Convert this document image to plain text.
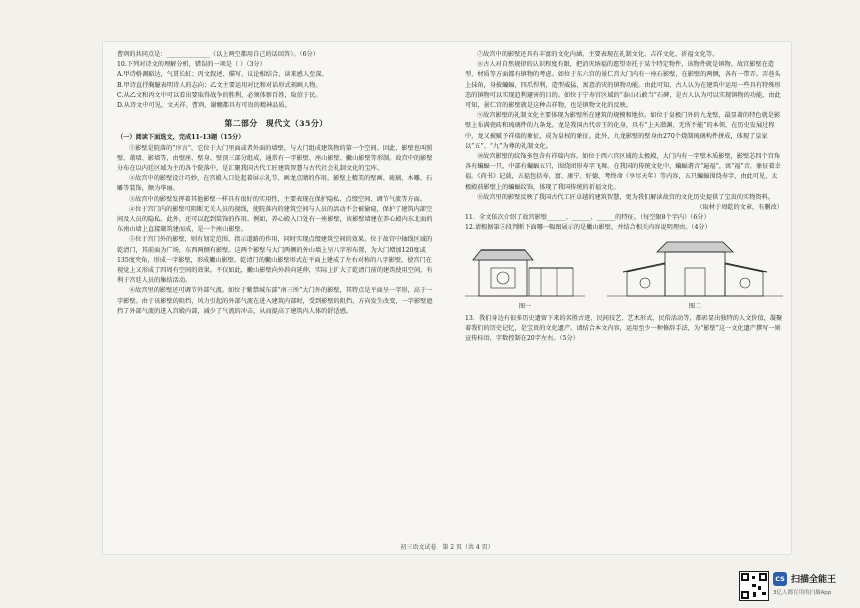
曹刿的共同点是：______________（以上两空都用自己的话回答）。（6分）

10.下列对诗文的理解分析，错误的一项是（ ）（3分）

A.甲诗格调豁达，气贯长虹；丙文叙述、描写、议论相结合，读来感人至深。

B.甲诗直抒胸臆表明诗人的志向；乙文主要运用对比和对话形式刻画人物。

C.从乙文和丙文中可以看出要取得战争的胜利，必须体察百姓，取信于民。

D.从诗文中可见，文天祥、曹刿、谢翱都具有可贵的精神品质。

第二部分　现代文（35分）

（一）阅读下面选文，完成11-13题（15分）

①影壁是院落的“序言”，它位于大门里面或者外面的墙壁，与大门组成建筑物的第一个空间。因此，影壁也叫照壁、萧墙、影墙等，由壁座、壁身、壁顶三部分组成，通常有一字影壁、座山影壁、撇山影壁等形制。故宫中的影壁分布在以内廷区域为主的各个院落中，是汇聚我国古代工匠建筑智慧与古代社会礼制文化的宝库。

②故宫中的影壁设计巧妙，在宫殿入口处起着屏示礼节、画龙点睛的作用。影壁上精美的壁画、琉璃、木雕、石雕等装饰，颇为华丽。

③故宫中的影壁发挥着其他影壁一样具有很好的实用性，主要表现在保护隐私、点缀空间、调节气流等方面。

④位于宫门内的影壁可阻断无关人员的视线，使院落内的建筑空间与人员的活动不会被偷窥，保护了建筑内部空间及人员的隐私。此外，还可以起到装饰的作用。例如，养心殿入口处有一座影壁，该影壁墙建在养心殿内东北面的东南山墙上直接砌筑建而成，是一个座山影壁。

⑤位于宫门外的影壁，则有划定范围、指示道路的作用，同时实现点缀建筑空间的效果。位于故宫中轴线区域的乾清门，其前面为广场，东西两侧有影壁。这两个影壁与大门两侧的外山墙上呈八字形布置，为大门增加120度或135度夹角，形成一字影壁，形成撇山影壁。乾清门的撇山影壁形式在平面上建成了左右对称的八字影壁，使宫门在视觉上又形成了四周有空间的效果。不仅如此，撇山影壁向外斜向延伸，实际上扩大了乾清门前的建筑使用空间，有利于宫廷人员的集结活动。

⑥故宫里的影壁还可调节外部气流。如位于紫禁城东部“南三所”大门外的影壁，其特点是平面呈一字形，高于一字影壁。由于该影壁的阻挡，风力引起的外部气流在进入建筑内部时，受到影壁的阻挡，方向发生改变，一字影壁遮挡了外部气流的进入宫殿内部，减少了气流的冲击，从而提高了建筑内人体的舒适感。

⑦故宫中的影壁还具有丰富的文化内涵，主要表现在礼制文化、吉祥文化、祈福文化等。

⑧古人对自然规律的认识程度有限，把消灾纳福的愿望寄托于某个特定物件，该物件就是镇物。故宫影壁在造型、材质等方面都有镇物的考虑。如位于东六宫的景仁宫大门内有一座石影壁，在影壁的两侧，各有一带弄。弄巷头上抹角，身披蝙蝠，四爪悍利，造型威猛，寓意消灾的镇物功能。由此可知，古人认为在建筑中运用一些具有特殊形态的镇物可以实现趋利避害的目的。如位于宁寿宫区域的“泰山石敢当”石碑，是古人认为可以实现镇物的功能，由此可知，景仁宫的影壁就是这种吉祥物，也是镇物文化的反映。

⑨故宫影壁的礼制文化主要体现为影壁所在建筑的规模和地位。如位于皇极门外的九龙壁，最显著的特色就是影壁上布满瓷砖和琉璃件的九条龙。龙是我国古代帝王的化身，具有“上天潜渊、无所不能”的本领，在历史发展过程中，龙又被赋予祥瑞的象征，成为皇权的象征。此外，九龙影壁的壁身由270个烧制琉璃构件拼成，体现了皇家以“五”、“九”为尊的礼制文化。

⑩故宫影壁的纹饰多包含有祥瑞内容。如位于西六宫区域的太极殿，大门内有一字壁木质影壁，影壁芯四个宫角各有蝙蝠一只，中部有蝙蝠五只，围绕团形寿字飞舞。在我国的传统文化中，蝙蝠谐音“遍福”，寓“福”音，象征着幸福。《尚书》记载，五福包括寿、富、康宁、好德、考终命（享尽天年）等内容，五只蝙蝠围绕寿字，由此可见，太极殿前影壁上的蝙蝠纹饰，体现了我国传统的祈福文化。

⑪故宫里的影壁反映了我国古代工匠卓越的建筑智慧，更为我们解读故宫的文化历史提供了宝贵的实物资料。

（取材于周乾的文章，有删改）

11．全文依次介绍了故宫影壁______、______、______的特征。（每空限8个字内）（6分）

12.请根据第⑤段判断下面哪一幅图展示的是撇山影壁，并结合相关内容说明理由。（4分）

图一	图二

13．我们身边有很多历史遗留下来的名胜古迹、民间技艺、艺术形式、民俗活动等，都彰显出独特的人文价值，凝聚着我们的历史记忆，是宝贵的文化遗产。请结合本文内容，运用至少一种修辞手法，为“影壁”这一文化遗产撰写一则宣传标语，字数控制在20字左右。（5分）

初三语文试卷　第 2 页（共 4 页）
CS 扫描全能王
3亿人都在用的扫描App
